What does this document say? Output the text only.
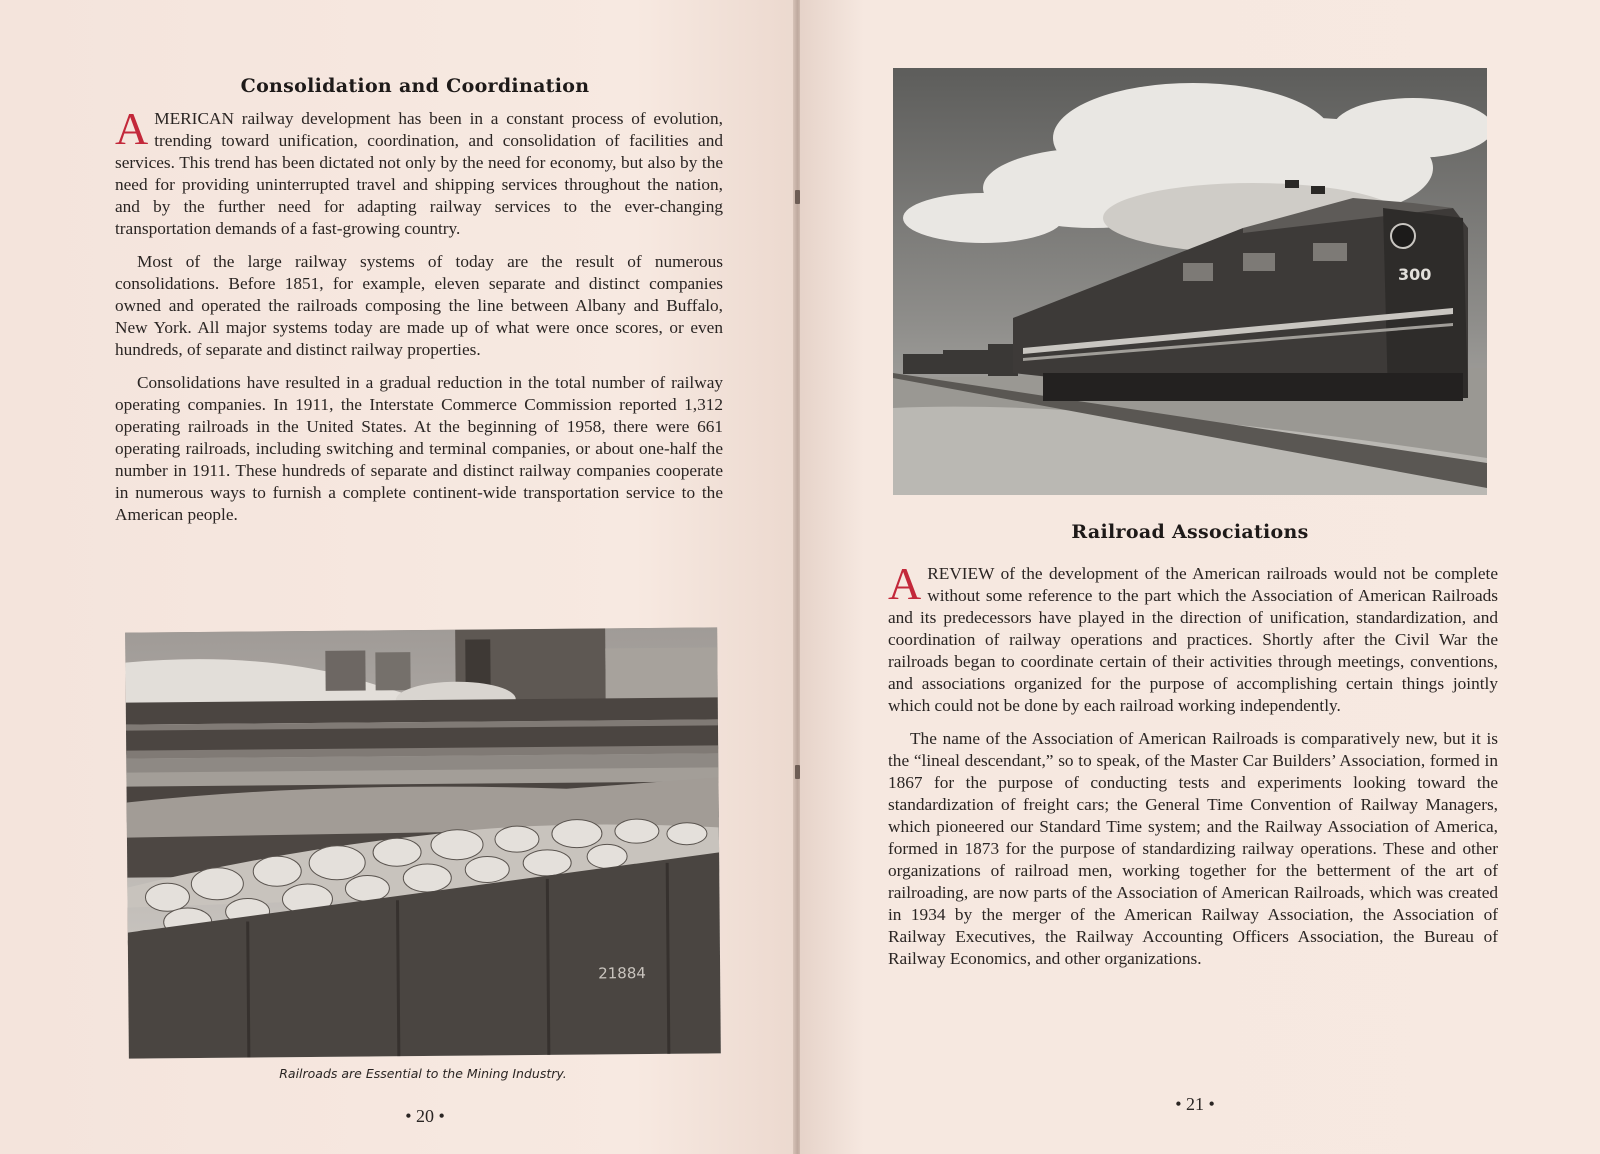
Consolidation and Coordination

AMERICAN railway development has been in a constant process of evolution, trending toward unification, coordination, and consolidation of facilities and services. This trend has been dictated not only by the need for economy, but also by the need for providing uninterrupted travel and shipping services throughout the nation, and by the further need for adapting railway services to the ever-changing transportation demands of a fast-growing country.

Most of the large railway systems of today are the result of numerous consolidations. Before 1851, for example, eleven separate and distinct companies owned and operated the railroads composing the line between Albany and Buffalo, New York. All major systems today are made up of what were once scores, or even hundreds, of separate and distinct railway properties.

Consolidations have resulted in a gradual reduction in the total number of railway operating companies. In 1911, the Interstate Commerce Commission reported 1,312 operating railroads in the United States. At the beginning of 1958, there were 661 operating railroads, including switching and terminal companies, or about one-half the number in 1911. These hundreds of separate and distinct railway companies cooperate in numerous ways to furnish a complete continent-wide transportation service to the American people.

21884
Railroads are Essential to the Mining Industry.
• 20 •
300
Railroad Associations

AREVIEW of the development of the American railroads would not be complete without some reference to the part which the Association of American Railroads and its predecessors have played in the direction of unification, standardization, and coordination of railway operations and practices. Shortly after the Civil War the railroads began to coordinate certain of their activities through meetings, conventions, and associations organized for the purpose of accomplishing certain things jointly which could not be done by each railroad working independently.

The name of the Association of American Railroads is comparatively new, but it is the “lineal descendant,” so to speak, of the Master Car Builders’ Association, formed in 1867 for the purpose of conducting tests and experiments looking toward the standardization of freight cars; the General Time Convention of Railway Managers, which pioneered our Standard Time system; and the Railway Association of America, formed in 1873 for the purpose of standardizing railway operations. These and other organizations of railroad men, working together for the betterment of the art of railroading, are now parts of the Association of American Railroads, which was created in 1934 by the merger of the American Railway Association, the Association of Railway Executives, the Railway Accounting Officers Association, the Bureau of Railway Economics, and other organizations.

• 21 •
